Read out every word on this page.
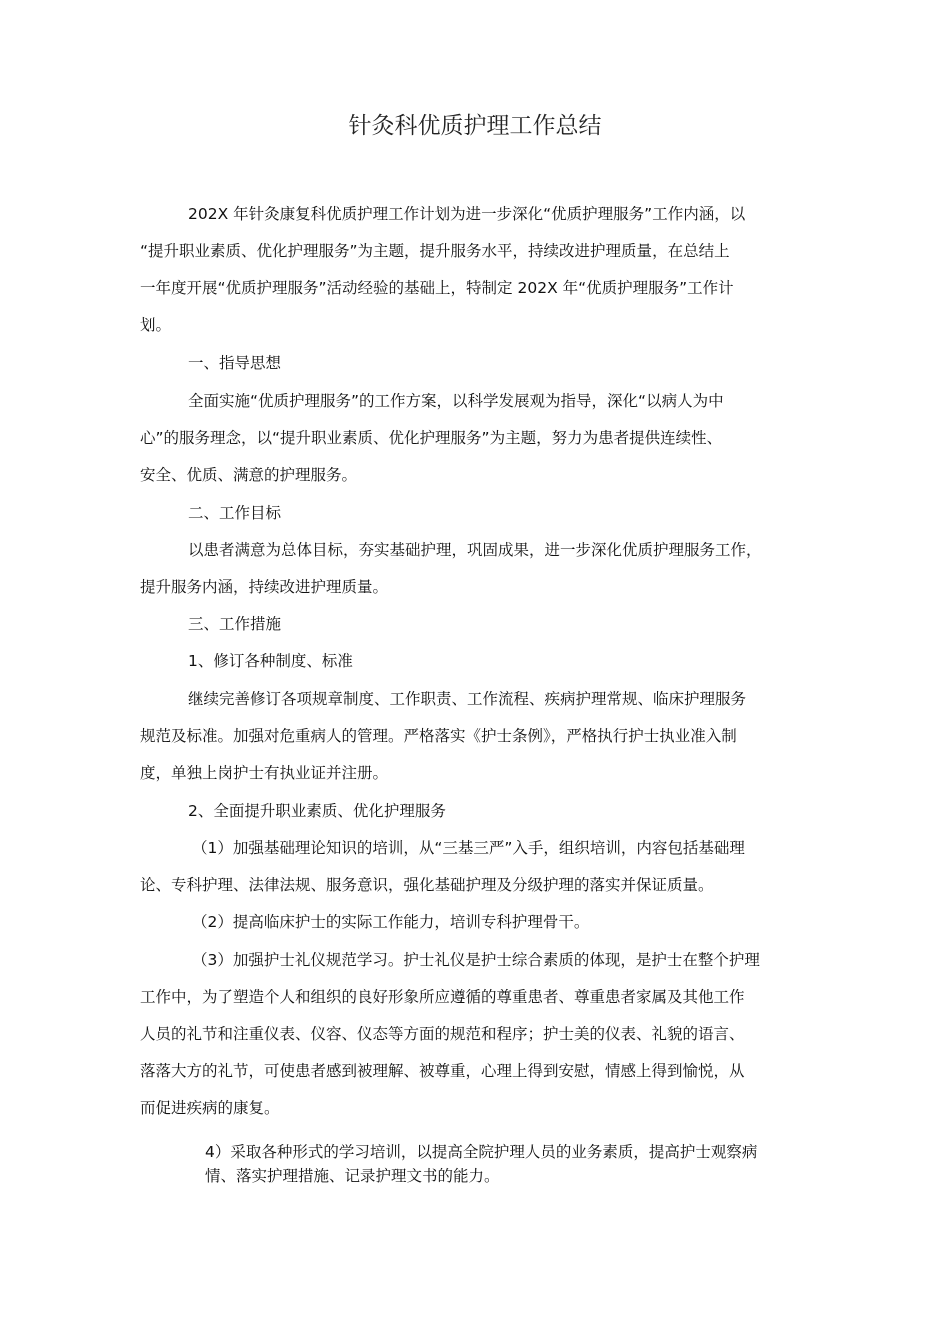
针灸科优质护理工作总结

202X 年针灸康复科优质护理工作计划为进一步深化“优质护理服务”工作内涵，以
“提升职业素质、优化护理服务”为主题，提升服务水平，持续改进护理质量，在总结上
一年度开展“优质护理服务”活动经验的基础上，特制定 202X 年“优质护理服务”工作计
划。

一、指导思想

全面实施“优质护理服务”的工作方案，以科学发展观为指导，深化“以病人为中
心”的服务理念，以“提升职业素质、优化护理服务”为主题，努力为患者提供连续性、
安全、优质、满意的护理服务。

二、工作目标

以患者满意为总体目标，夯实基础护理，巩固成果，进一步深化优质护理服务工作，
提升服务内涵，持续改进护理质量。

三、工作措施

1、修订各种制度、标准

继续完善修订各项规章制度、工作职责、工作流程、疾病护理常规、临床护理服务
规范及标准。加强对危重病人的管理。严格落实《护士条例》，严格执行护士执业准入制
度，单独上岗护士有执业证并注册。

2、全面提升职业素质、优化护理服务

（1）加强基础理论知识的培训，从“三基三严”入手，组织培训，内容包括基础理
论、专科护理、法律法规、服务意识，强化基础护理及分级护理的落实并保证质量。

（2）提高临床护士的实际工作能力，培训专科护理骨干。

（3）加强护士礼仪规范学习。护士礼仪是护士综合素质的体现，是护士在整个护理
工作中，为了塑造个人和组织的良好形象所应遵循的尊重患者、尊重患者家属及其他工作
人员的礼节和注重仪表、仪容、仪态等方面的规范和程序；护士美的仪表、礼貌的语言、
落落大方的礼节，可使患者感到被理解、被尊重，心理上得到安慰，情感上得到愉悦，从
而促进疾病的康复。

4）采取各种形式的学习培训，以提高全院护理人员的业务素质，提高护士观察病
情、落实护理措施、记录护理文书的能力。
